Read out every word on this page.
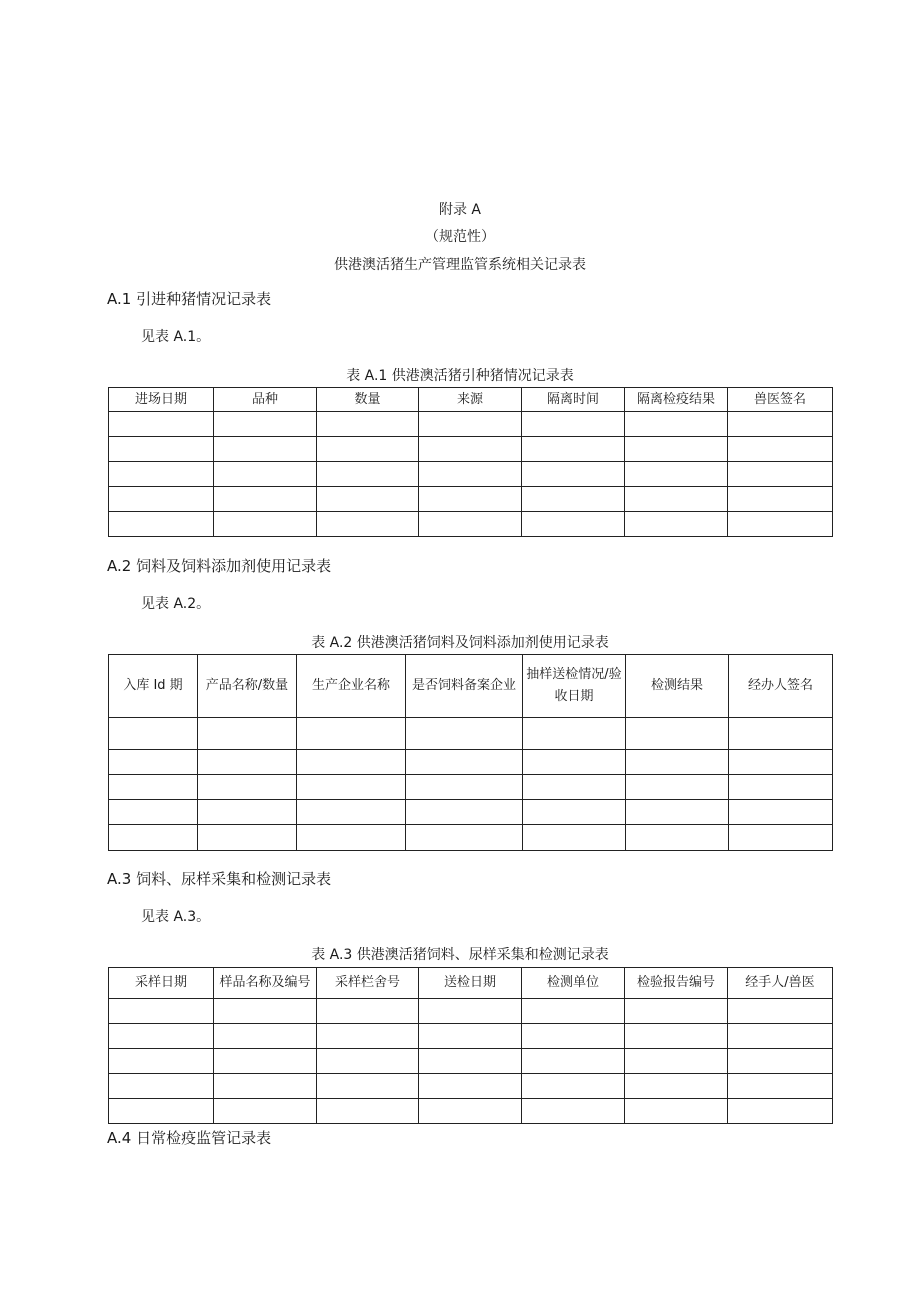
附录 A

（规范性）

供港澳活猪生产管理监管系统相关记录表

A.1 引进种猪情况记录表

见表 A.1。

表 A.1 供港澳活猪引种猪情况记录表

进场日期	品种	数量	来源	隔离时间	隔离检疫结果	兽医签名

A.2 饲料及饲料添加剂使用记录表

见表 A.2。

表 A.2 供港澳活猪饲料及饲料添加剂使用记录表

入库 Id 期	产品名称/数量	生产企业名称	是否饲料备案企业	抽样送检情况/验收日期	检测结果	经办人签名

A.3 饲料、尿样采集和检测记录表

见表 A.3。

表 A.3 供港澳活猪饲料、尿样采集和检测记录表

采样日期	样品名称及编号	采样栏舍号	送检日期	检测单位	检验报告编号	经手人/兽医

A.4 日常检疫监管记录表
